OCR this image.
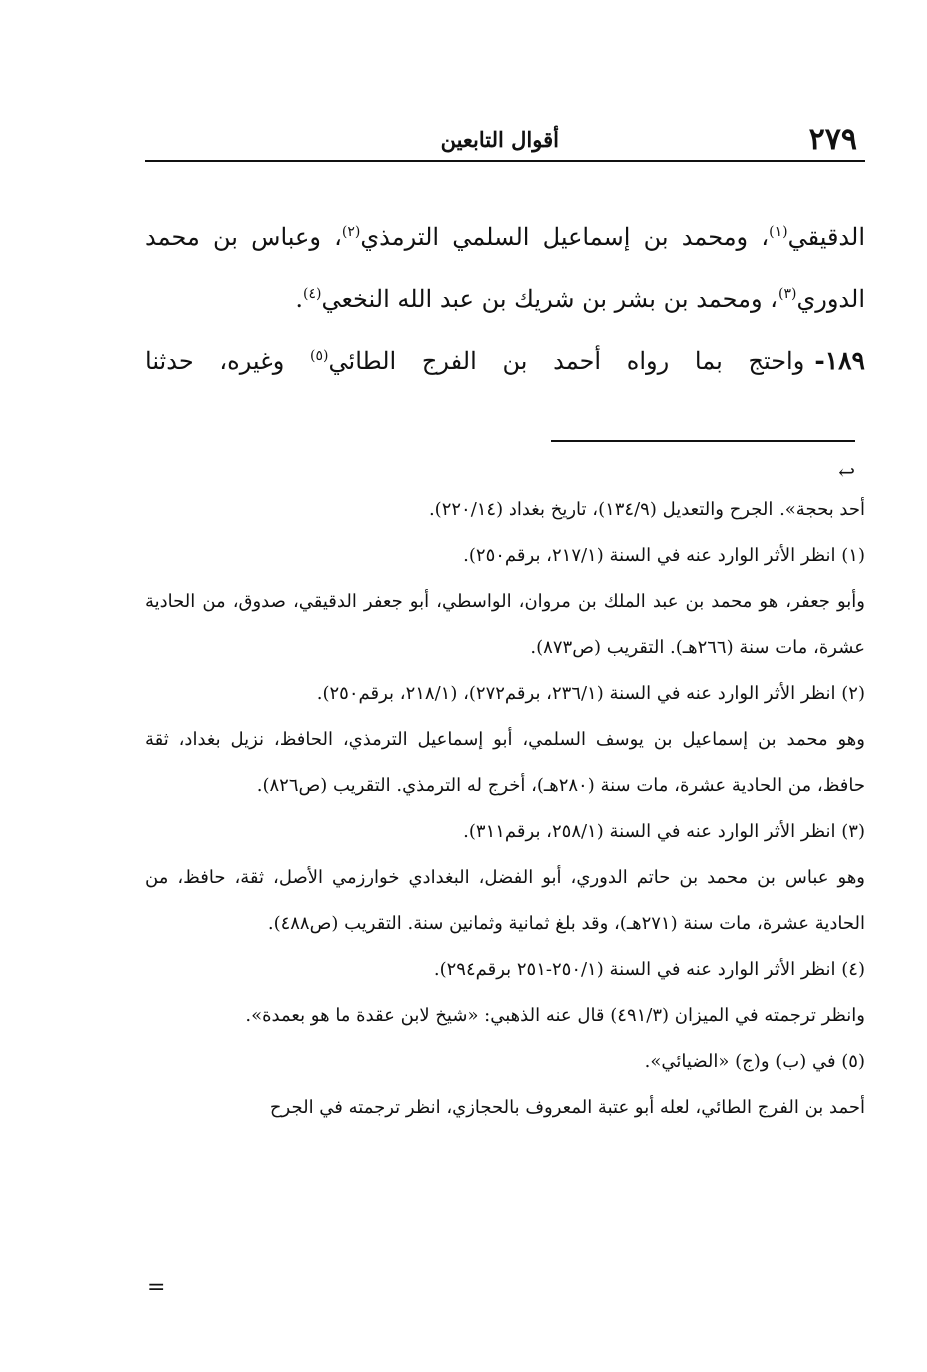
٢٧٩
أقوال التابعين

الدقيقي$^{(١)}$، ومحمد بن إسماعيل السلمي الترمذي$^{(٢)}$، وعباس بن محمد

الدوري$^{(٣)}$، ومحمد بن بشر بن شريك بن عبد الله النخعي$^{(٤)}$.

١٨٩-واحتج بما رواه أحمد بن الفرج الطائي$^{(٥)}$ وغيره، حدثنا

↩

أحد بحجة». الجرح والتعديل (١٣٤/٩)، تاريخ بغداد (٢٢٠/١٤).

(١) انظر الأثر الوارد عنه في السنة (٢١٧/١، برقم٢٥٠).

وأبو جعفر، هو محمد بن عبد الملك بن مروان، الواسطي، أبو جعفر الدقيقي، صدوق، من الحادية عشرة، مات سنة (٢٦٦هـ). التقريب (ص٨٧٣).

(٢) انظر الأثر الوارد عنه في السنة (٢٣٦/١، برقم٢٧٢)، (٢١٨/١، برقم٢٥٠).

وهو محمد بن إسماعيل بن يوسف السلمي، أبو إسماعيل الترمذي، الحافظ، نزيل بغداد، ثقة حافظ، من الحادية عشرة، مات سنة (٢٨٠هـ)، أخرج له الترمذي. التقريب (ص٨٢٦).

(٣) انظر الأثر الوارد عنه في السنة (٢٥٨/١، برقم٣١١).

وهو عباس بن محمد بن حاتم الدوري، أبو الفضل، البغدادي خوارزمي الأصل، ثقة، حافظ، من الحادية عشرة، مات سنة (٢٧١هـ)، وقد بلغ ثمانية وثمانين سنة. التقريب (ص٤٨٨).

(٤) انظر الأثر الوارد عنه في السنة (٢٥٠/١-٢٥١ برقم٢٩٤).

وانظر ترجمته في الميزان (٤٩١/٣) قال عنه الذهبي: «شيخ لابن عقدة ما هو بعمدة».

(٥) في (ب) و(ج) «الضيائي».

أحمد بن الفرج الطائي، لعله أبو عتبة المعروف بالحجازي، انظر ترجمته في الجرح

=
